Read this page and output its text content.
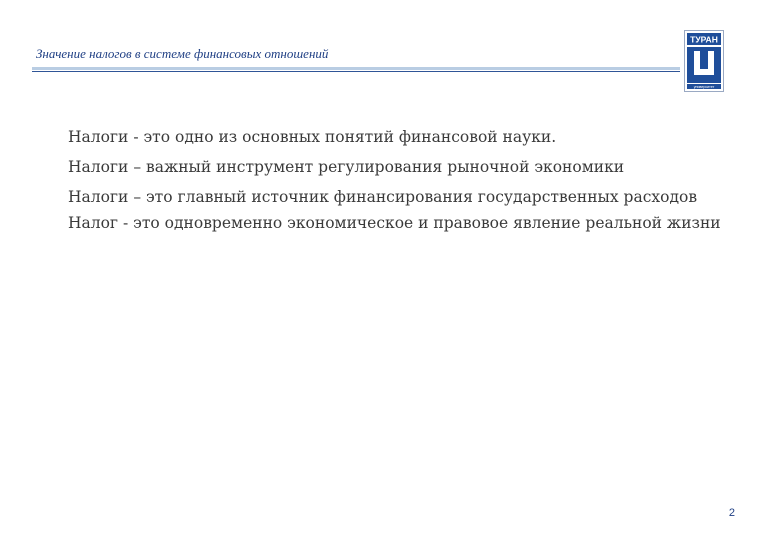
Значение налогов в системе финансовых отношений
ТУРАН
университет

Налоги - это одно из основных понятий финансовой науки.

Налоги – важный инструмент регулирования рыночной экономики

Налоги – это главный источник финансирования государственных расходов

Налог - это одновременно экономическое и правовое явление реальной жизни

2
